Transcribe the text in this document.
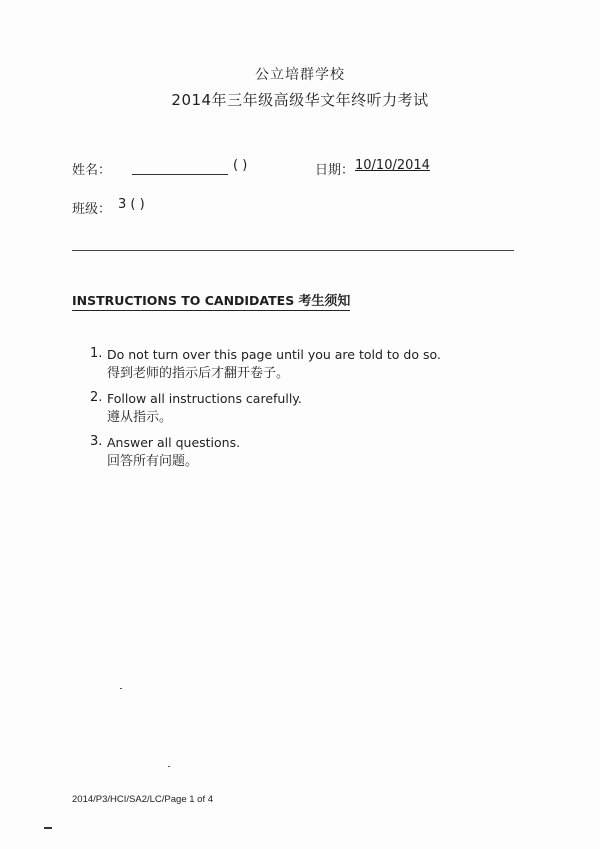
公立培群学校
2014年三年级高级华文年终听力考试
姓名：	( )	日期： 10/10/2014
班级： 3 ( )
INSTRUCTIONS TO CANDIDATES 考生须知
1. Do not turn over this page until you are told to do so.
得到老师的指示后才翻开卷子。
2. Follow all instructions carefully.
遵从指示。
3. Answer all questions.
回答所有问题。
2014/P3/HCI/SA2/LC/Page 1 of 4
